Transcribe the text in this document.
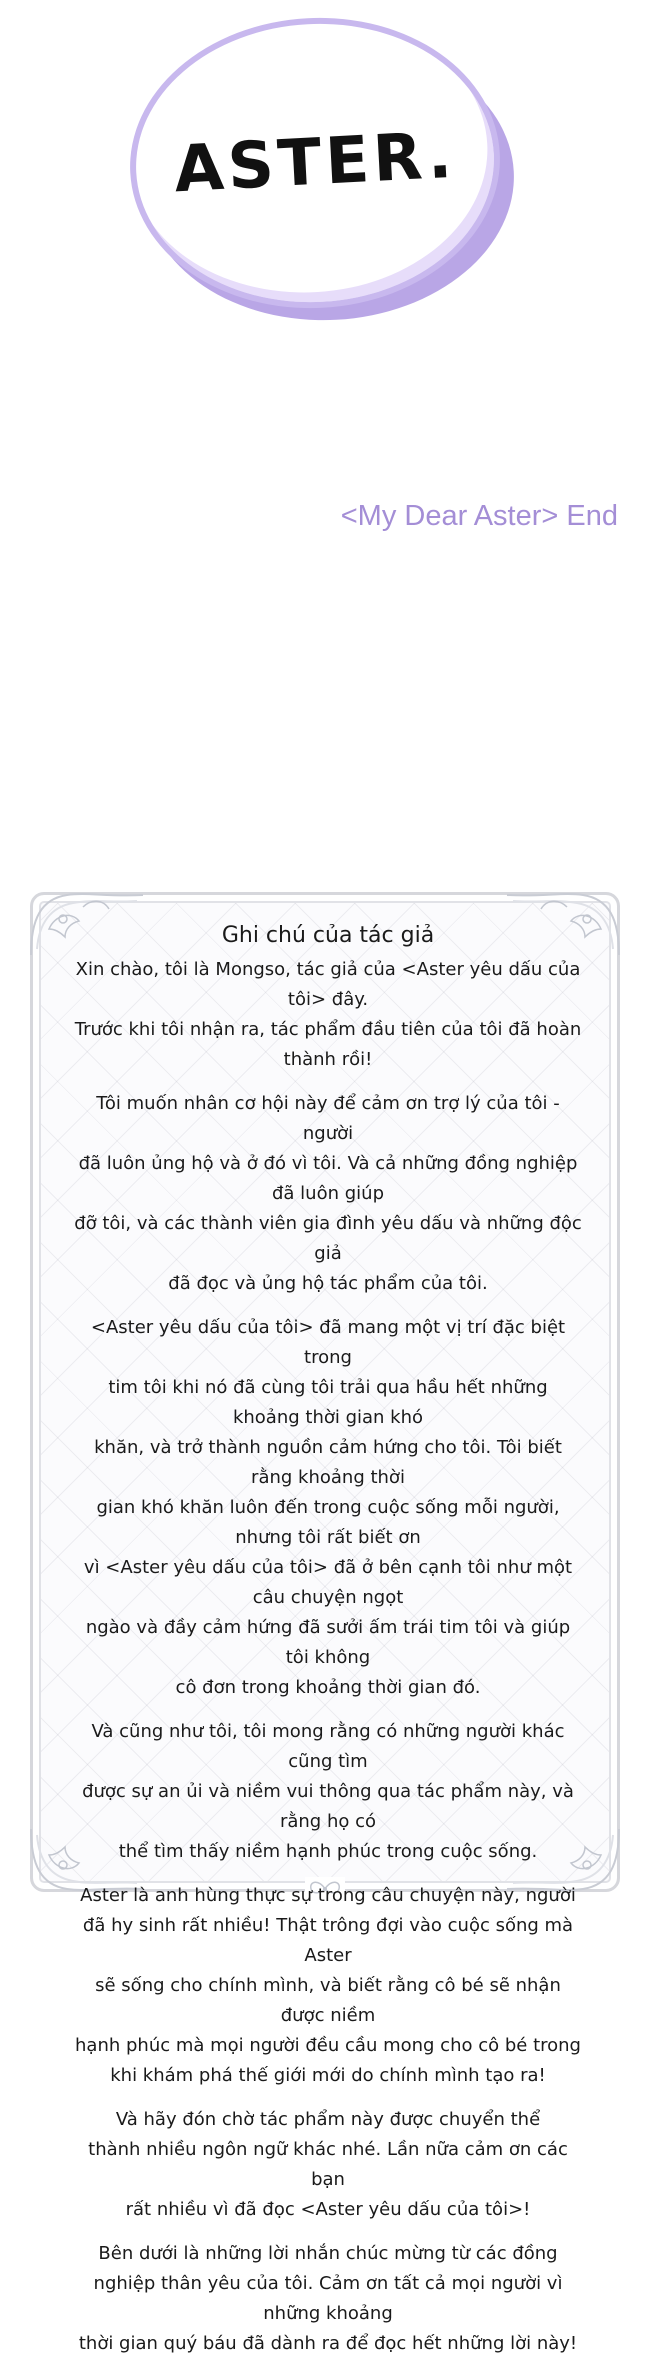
ASTER.
<My Dear Aster> End
Ghi chú của tác giả

Xin chào, tôi là Mongso, tác giả của <Aster yêu dấu của
tôi> đây.
Trước khi tôi nhận ra, tác phẩm đầu tiên của tôi đã hoàn thành rồi!

Tôi muốn nhân cơ hội này để cảm ơn trợ lý của tôi - người
đã luôn ủng hộ và ở đó vì tôi. Và cả những đồng nghiệp đã luôn giúp
đỡ tôi, và các thành viên gia đình yêu dấu và những độc giả
đã đọc và ủng hộ tác phẩm của tôi.

<Aster yêu dấu của tôi> đã mang một vị trí đặc biệt trong
tim tôi khi nó đã cùng tôi trải qua hầu hết những khoảng thời gian khó
khăn, và trở thành nguồn cảm hứng cho tôi. Tôi biết rằng khoảng thời
gian khó khăn luôn đến trong cuộc sống mỗi người, nhưng tôi rất biết ơn
vì <Aster yêu dấu của tôi> đã ở bên cạnh tôi như một câu chuyện ngọt
ngào và đầy cảm hứng đã sưởi ấm trái tim tôi và giúp tôi không
cô đơn trong khoảng thời gian đó.

Và cũng như tôi, tôi mong rằng có những người khác cũng tìm
được sự an ủi và niềm vui thông qua tác phẩm này, và rằng họ có
thể tìm thấy niềm hạnh phúc trong cuộc sống.

Aster là anh hùng thực sự trong câu chuyện này, người
đã hy sinh rất nhiều! Thật trông đợi vào cuộc sống mà Aster
sẽ sống cho chính mình, và biết rằng cô bé sẽ nhận được niềm
hạnh phúc mà mọi người đều cầu mong cho cô bé trong
khi khám phá thế giới mới do chính mình tạo ra!

Và hãy đón chờ tác phẩm này được chuyển thể
thành nhiều ngôn ngữ khác nhé. Lần nữa cảm ơn các bạn
rất nhiều vì đã đọc <Aster yêu dấu của tôi>!

Bên dưới là những lời nhắn chúc mừng từ các đồng
nghiệp thân yêu của tôi. Cảm ơn tất cả mọi người vì những khoảng
thời gian quý báu đã dành ra để đọc hết những lời này!
